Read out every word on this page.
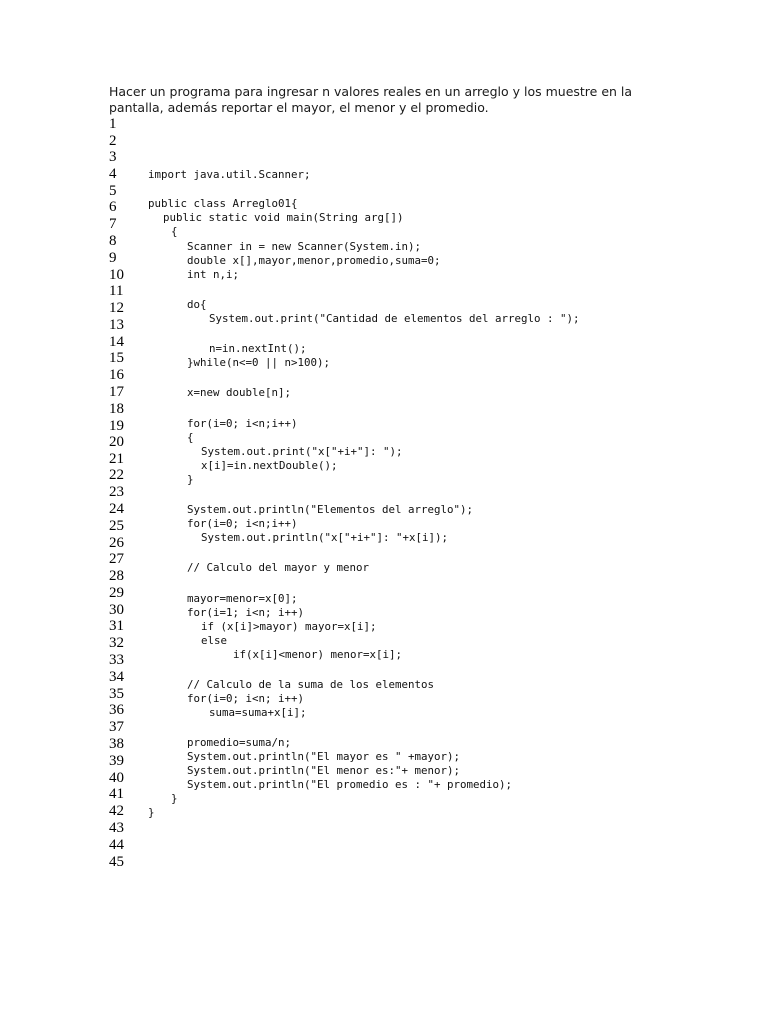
Hacer un programa para ingresar n valores reales en un arreglo y los muestre en la
pantalla, además reportar el mayor, el menor y el promedio.
1
2
3
4
5
6
7
8
9
10
11
12
13
14
15
16
17
18
19
20
21
22
23
24
25
26
27
28
29
30
31
32
33
34
35
36
37
38
39
40
41
42
43
44
45
import java.util.Scanner;
public class Arreglo01{
public static void main(String arg[])
{
Scanner in = new Scanner(System.in);
double x[],mayor,menor,promedio,suma=0;
int n,i;
do{
System.out.print("Cantidad de elementos del arreglo : ");
n=in.nextInt();
}while(n<=0 || n>100);
x=new double[n];
for(i=0; i<n;i++)
{
System.out.print("x["+i+"]: ");
x[i]=in.nextDouble();
}
System.out.println("Elementos del arreglo");
for(i=0; i<n;i++)
System.out.println("x["+i+"]: "+x[i]);
// Calculo del mayor y menor
mayor=menor=x[0];
for(i=1; i<n; i++)
if (x[i]>mayor) mayor=x[i];
else
if(x[i]<menor) menor=x[i];
// Calculo de la suma de los elementos
for(i=0; i<n; i++)
suma=suma+x[i];
promedio=suma/n;
System.out.println("El mayor es " +mayor);
System.out.println("El menor es:"+ menor);
System.out.println("El promedio es : "+ promedio);
}
}
